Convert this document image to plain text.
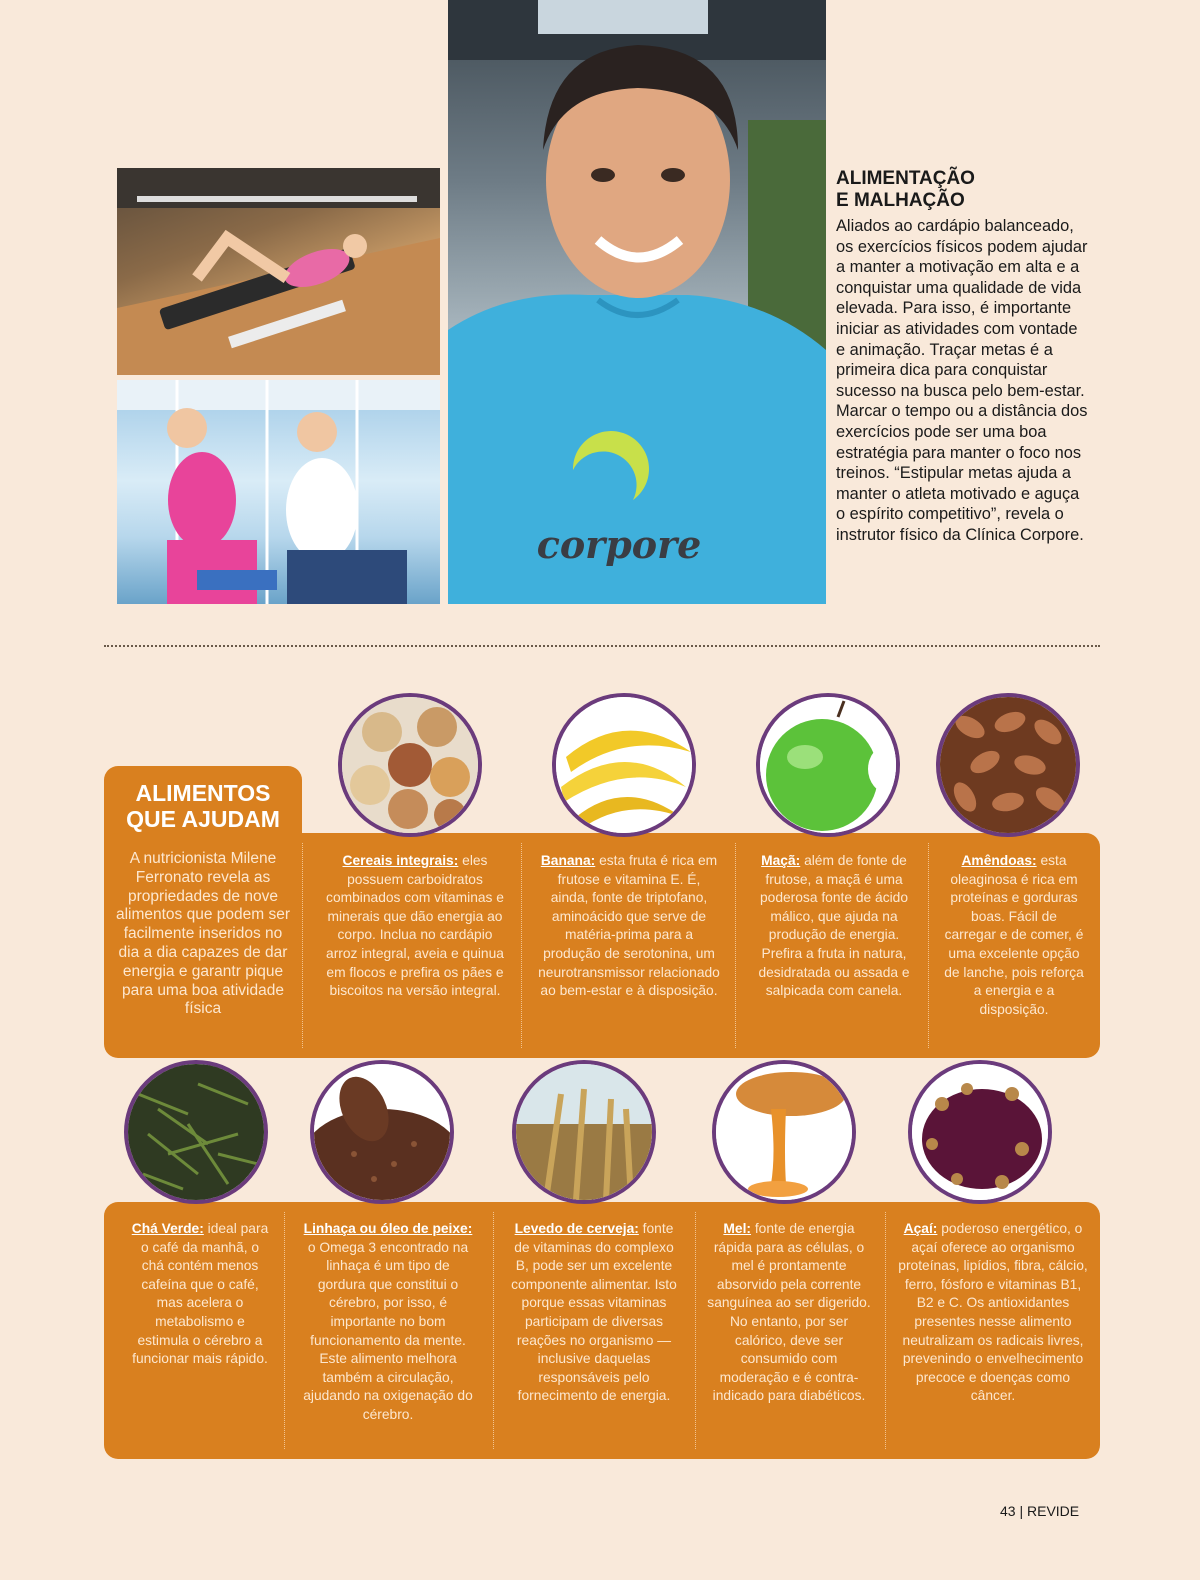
corpore
ALIMENTAÇÃO
E MALHAÇÃO
Aliados ao cardápio balanceado, os exercícios físicos podem ajudar a manter a motivação em alta e a conquistar uma qualidade de vida elevada. Para isso, é importante iniciar as atividades com vontade e animação. Traçar metas é a primeira dica para conquistar sucesso na busca pelo bem-estar. Marcar o tempo ou a distância dos exercícios pode ser uma boa estratégia para manter o foco nos treinos. “Estipular metas ajuda a manter o atleta motivado e aguça o espírito competitivo”, revela o instrutor físico da Clínica Corpore.
ALIMENTOS
QUE AJUDAM
A nutricionista Milene Ferronato revela as propriedades de nove alimentos que podem ser facilmente inseridos no dia a dia capazes de dar energia e garantr pique para uma boa atividade física
Cereais integrais: eles possuem carboidratos combinados com vitaminas e minerais que dão energia ao corpo. Inclua no cardápio arroz integral, aveia e quinua em flocos e prefira os pães e biscoitos na versão integral.
Banana: esta fruta é rica em frutose e vitamina E. É, ainda, fonte de triptofano, aminoácido que serve de matéria-prima para a produção de serotonina, um neurotransmissor relacionado ao bem-estar e à disposição.
Maçã: além de fonte de frutose, a maçã é uma poderosa fonte de ácido málico, que ajuda na produção de energia. Prefira a fruta in natura, desidratada ou assada e salpicada com canela.
Amêndoas: esta oleaginosa é rica em proteínas e gorduras boas. Fácil de carregar e de comer, é uma excelente opção de lanche, pois reforça a energia e a disposição.
Chá Verde: ideal para o café da manhã, o chá contém menos cafeína que o café, mas acelera o metabolismo e estimula o cérebro a funcionar mais rápido.
Linhaça ou óleo de peixe: o Omega 3 encontrado na linhaça é um tipo de gordura que constitui o cérebro, por isso, é importante no bom funcionamento da mente. Este alimento melhora também a circulação, ajudando na oxigenação do cérebro.
Levedo de cerveja: fonte de vitaminas do complexo B, pode ser um excelente componente alimentar. Isto porque essas vitaminas participam de diversas reações no organismo — inclusive daquelas responsáveis pelo fornecimento de energia.
Mel: fonte de energia rápida para as células, o mel é prontamente absorvido pela corrente sanguínea ao ser digerido. No entanto, por ser calórico, deve ser consumido com moderação e é contra-indicado para diabéticos.
Açaí: poderoso energético, o açaí oferece ao organismo proteínas, lipídios, fibra, cálcio, ferro, fósforo e vitaminas B1, B2 e C. Os antioxidantes presentes nesse alimento neutralizam os radicais livres, prevenindo o envelhecimento precoce e doenças como câncer.
43 | REVIDE
